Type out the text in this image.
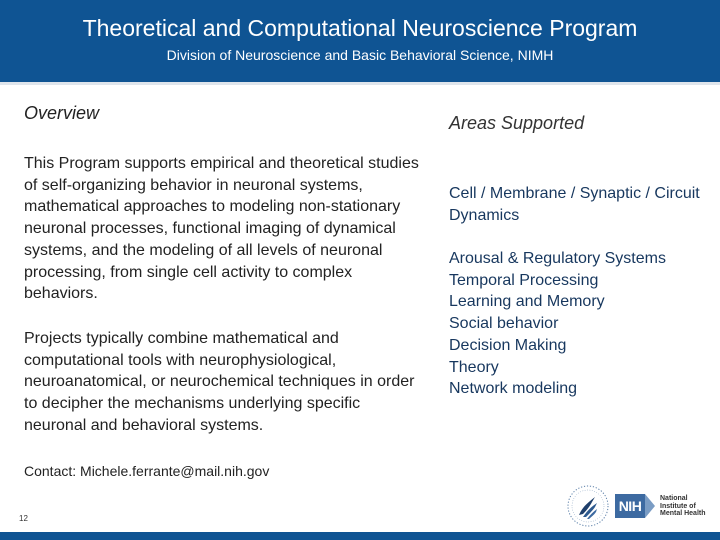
Theoretical and Computational Neuroscience Program
Division of Neuroscience and Basic Behavioral Science, NIMH
Overview
This Program supports empirical and theoretical studies of self-organizing behavior in neuronal systems, mathematical approaches to modeling non-stationary neuronal processes, functional imaging of dynamical systems, and the modeling of all levels of neuronal processing, from single cell activity to complex behaviors.
Projects typically combine mathematical and computational tools with neurophysiological, neuroanatomical, or neurochemical techniques in order to decipher the mechanisms underlying specific neuronal and behavioral systems.
Contact: Michele.ferrante@mail.nih.gov
Areas Supported
Cell / Membrane / Synaptic / Circuit Dynamics
Arousal & Regulatory Systems
Temporal Processing
Learning and Memory
Social behavior
Decision Making
Theory
Network modeling
12
NIH	National Institute of Mental Health
